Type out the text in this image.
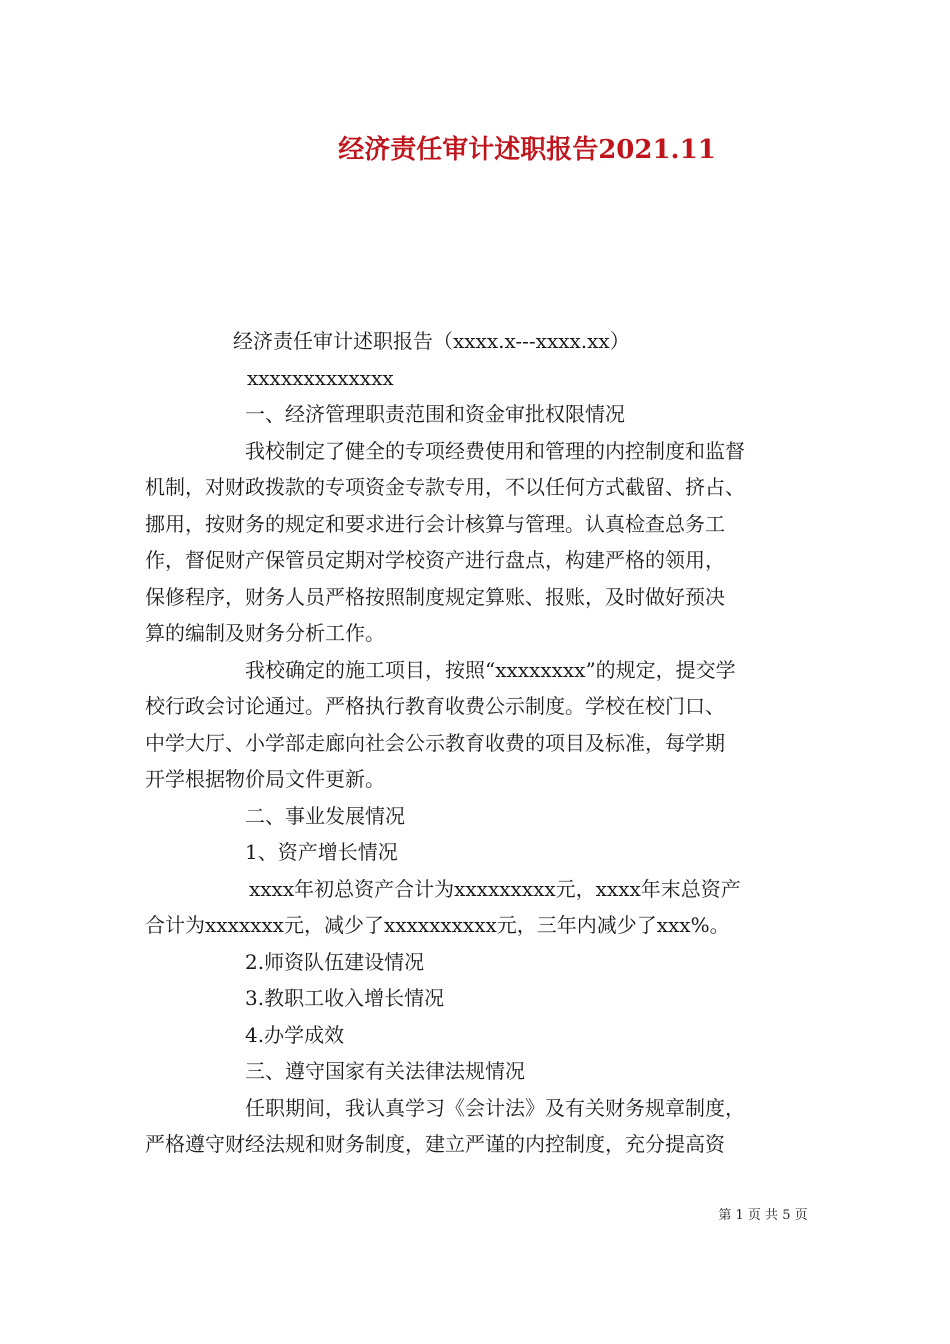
经济责任审计述职报告2021.11

经济责任审计述职报告（xxxx.x---xxxx.xx）

xxxxxxxxxxxxx

一、经济管理职责范围和资金审批权限情况

我校制定了健全的专项经费使用和管理的内控制度和监督

机制，对财政拨款的专项资金专款专用，不以任何方式截留、挤占、

挪用，按财务的规定和要求进行会计核算与管理。认真检查总务工

作，督促财产保管员定期对学校资产进行盘点，构建严格的领用，

保修程序，财务人员严格按照制度规定算账、报账，及时做好预决

算的编制及财务分析工作。

我校确定的施工项目，按照“xxxxxxxx”的规定，提交学

校行政会讨论通过。严格执行教育收费公示制度。学校在校门口、

中学大厅、小学部走廊向社会公示教育收费的项目及标准，每学期

开学根据物价局文件更新。

二、事业发展情况

1、资产增长情况

xxxx年初总资产合计为xxxxxxxxx元，xxxx年末总资产

合计为xxxxxxx元，减少了xxxxxxxxxx元，三年内减少了xxx%。

2.师资队伍建设情况

3.教职工收入增长情况

4.办学成效

三、遵守国家有关法律法规情况

任职期间，我认真学习《会计法》及有关财务规章制度，

严格遵守财经法规和财务制度，建立严谨的内控制度，充分提高资

第 1 页 共 5 页
